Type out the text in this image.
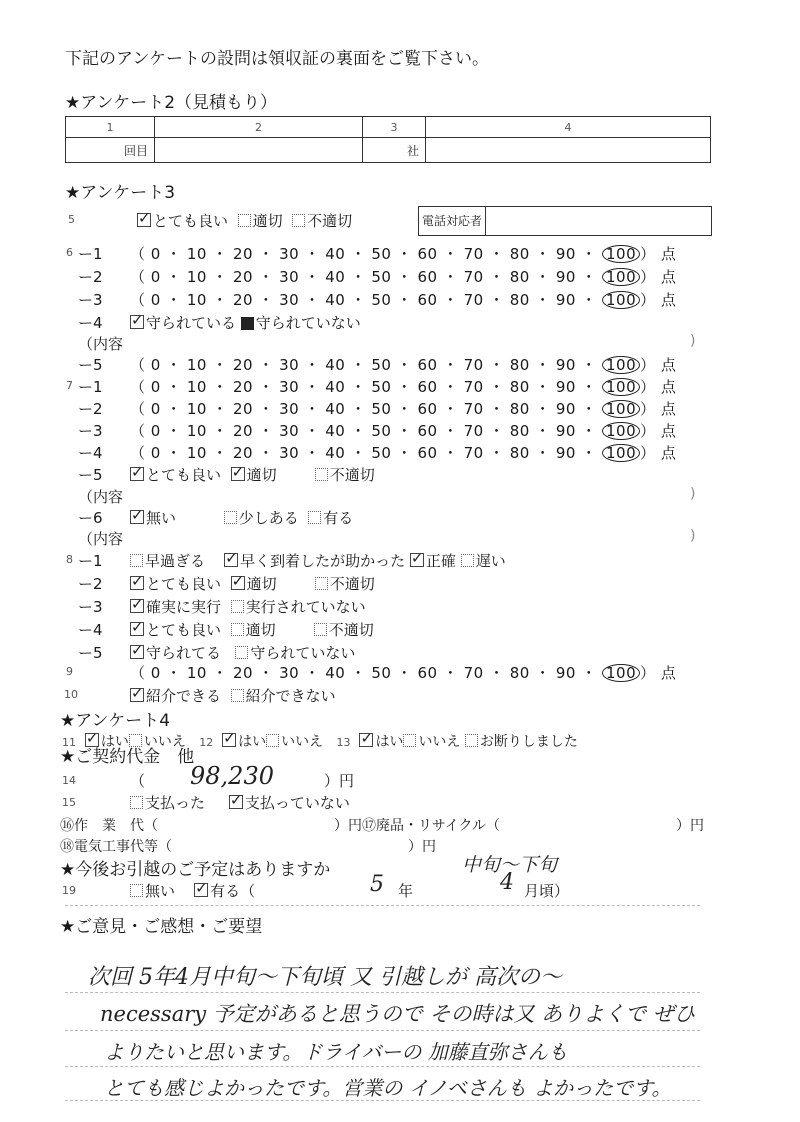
下記のアンケートの設問は領収証の裏面をご覧下さい。
★アンケート2（見積もり）
1	2	3	4
回目		社	
★アンケート3
5 ✓	とても良い 適切 不適切	電話対応者
6 ー1 （ 0 ・ 10 ・ 20 ・ 30 ・ 40 ・ 50 ・ 60 ・ 70 ・ 80 ・ 90 ・ 100 ） 点
ー2 （ 0 ・ 10 ・ 20 ・ 30 ・ 40 ・ 50 ・ 60 ・ 70 ・ 80 ・ 90 ・ 100 ） 点
ー3 （ 0 ・ 10 ・ 20 ・ 30 ・ 40 ・ 50 ・ 60 ・ 70 ・ 80 ・ 90 ・ 100 ） 点
ー4 ✓	守られている 守られていない
（内容	)
ー5 （ 0 ・ 10 ・ 20 ・ 30 ・ 40 ・ 50 ・ 60 ・ 70 ・ 80 ・ 90 ・ 100 ） 点
7 ー1 （ 0 ・ 10 ・ 20 ・ 30 ・ 40 ・ 50 ・ 60 ・ 70 ・ 80 ・ 90 ・ 100 ） 点
ー2 （ 0 ・ 10 ・ 20 ・ 30 ・ 40 ・ 50 ・ 60 ・ 70 ・ 80 ・ 90 ・ 100 ） 点
ー3 （ 0 ・ 10 ・ 20 ・ 30 ・ 40 ・ 50 ・ 60 ・ 70 ・ 80 ・ 90 ・ 100 ） 点
ー4 （ 0 ・ 10 ・ 20 ・ 30 ・ 40 ・ 50 ・ 60 ・ 70 ・ 80 ・ 90 ・ 100 ） 点
ー5 ✓	とても良い ✓ 適切	不適切
（内容	)
ー6 ✓	無い	少しある 有る
（内容	)
8 ー1	早過ぎる ✓ 早く到着したが助かった ✓ 正確 遅い
ー2 ✓	とても良い ✓ 適切	不適切
ー3 ✓	確実に実行 実行されていない
ー4 ✓	とても良い 適切	不適切
ー5 ✓	守られてる 守られていない
9	（ 0 ・ 10 ・ 20 ・ 30 ・ 40 ・ 50 ・ 60 ・ 70 ・ 80 ・ 90 ・ 100 ） 点
10 ✓	紹介できる 紹介できない
★アンケート4
11 ✓ はい いいえ 12 ✓ はい いいえ 13 ✓ はい いいえ お断りしました
★ご契約代金　他
14	（ 98,230	）円
15	支払った ✓	支払っていない
⑯作　業　代（	）円 ⑰廃品・リサイクル（	）円
⑱電気工事代等（	）円
★今後お引越のご予定はありますか	中旬〜下旬
19	無い ✓ 有る（	5 年	4 月頃）
★ご意見・ご感想・ご要望
次回 5年4月中旬〜下旬頃 又 引越しが 高次の〜
necessary 予定があると思うので その時は又 ありよくで ぜひ
よりたいと思います。ドライバーの 加藤直弥さんも
とても感じよかったです。営業の イノベさんも よかったです。
